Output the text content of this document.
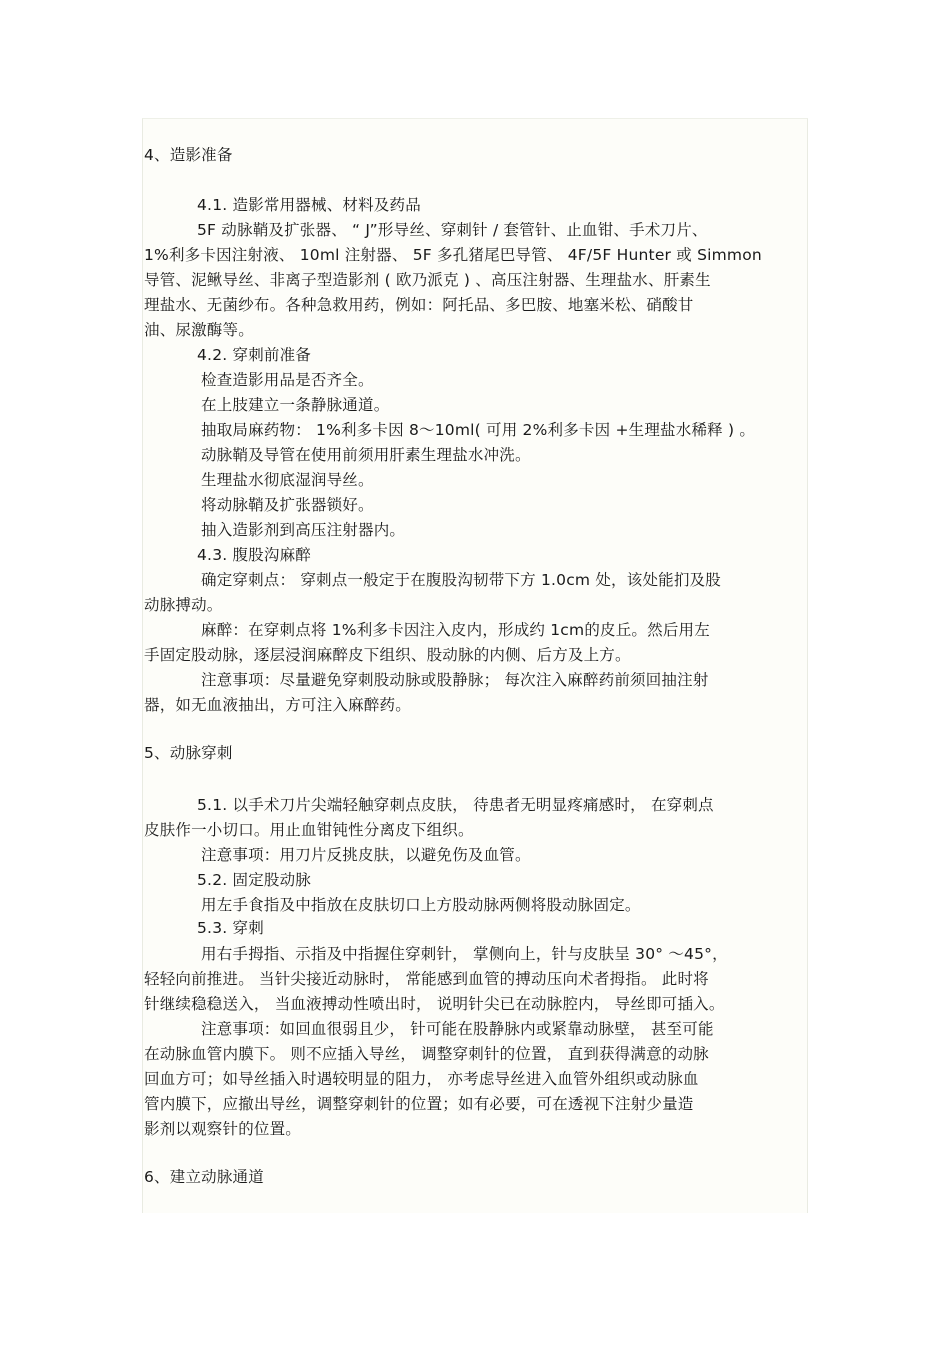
4、造影准备
4.1. 造影常用器械、材料及药品
5F 动脉鞘及扩张器、 “ J”形导丝、穿刺针 / 套管针、止血钳、手术刀片、
1%利多卡因注射液、 10ml 注射器、 5F 多孔猪尾巴导管、 4F/5F Hunter 或 Simmon
导管、泥鳅导丝、非离子型造影剂 ( 欧乃派克 ) 、高压注射器、生理盐水、肝素生
理盐水、无菌纱布。各种急救用药，例如：阿托品、多巴胺、地塞米松、硝酸甘
油、尿激酶等。
4.2. 穿刺前准备
检查造影用品是否齐全。
在上肢建立一条静脉通道。
抽取局麻药物： 1%利多卡因 8～10ml( 可用 2%利多卡因 +生理盐水稀释 ) 。
动脉鞘及导管在使用前须用肝素生理盐水冲洗。
生理盐水彻底湿润导丝。
将动脉鞘及扩张器锁好。
抽入造影剂到高压注射器内。
4.3. 腹股沟麻醉
确定穿刺点： 穿刺点一般定于在腹股沟韧带下方 1.0cm 处，该处能扪及股
动脉搏动。
麻醉：在穿刺点将 1%利多卡因注入皮内，形成约 1cm的皮丘。然后用左
手固定股动脉，逐层浸润麻醉皮下组织、股动脉的内侧、后方及上方。
注意事项：尽量避免穿刺股动脉或股静脉； 每次注入麻醉药前须回抽注射
器，如无血液抽出，方可注入麻醉药。
5、动脉穿刺
5.1. 以手术刀片尖端轻触穿刺点皮肤， 待患者无明显疼痛感时， 在穿刺点
皮肤作一小切口。用止血钳钝性分离皮下组织。
注意事项：用刀片反挑皮肤，以避免伤及血管。
5.2. 固定股动脉
用左手食指及中指放在皮肤切口上方股动脉两侧将股动脉固定。
5.3. 穿刺
用右手拇指、示指及中指握住穿刺针， 掌侧向上，针与皮肤呈 30° ～45°，
轻轻向前推进。 当针尖接近动脉时， 常能感到血管的搏动压向术者拇指。 此时将
针继续稳稳送入， 当血液搏动性喷出时， 说明针尖已在动脉腔内， 导丝即可插入。
注意事项：如回血很弱且少， 针可能在股静脉内或紧靠动脉壁， 甚至可能
在动脉血管内膜下。 则不应插入导丝， 调整穿刺针的位置， 直到获得满意的动脉
回血方可；如导丝插入时遇较明显的阻力， 亦考虑导丝进入血管外组织或动脉血
管内膜下，应撤出导丝，调整穿刺针的位置；如有必要，可在透视下注射少量造
影剂以观察针的位置。
6、建立动脉通道
